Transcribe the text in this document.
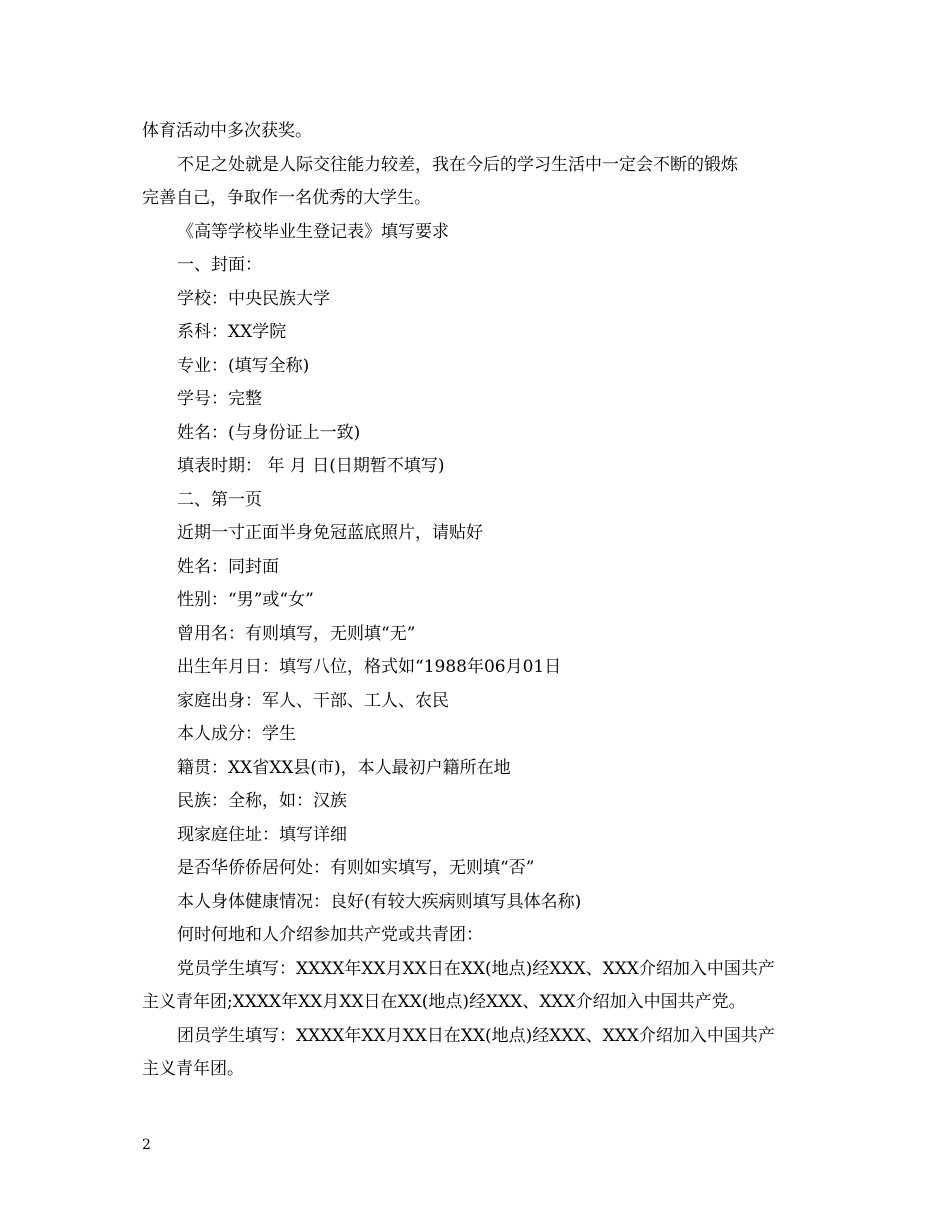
体育活动中多次获奖。
不足之处就是人际交往能力较差，我在今后的学习生活中一定会不断的锻炼
完善自己，争取作一名优秀的大学生。
《高等学校毕业生登记表》填写要求
一、封面：
学校：中央民族大学
系科：XX学院
专业：(填写全称)
学号：完整
姓名：(与身份证上一致)
填表时期： 年 月 日(日期暂不填写)
二、第一页
近期一寸正面半身免冠蓝底照片，请贴好
姓名：同封面
性别：“男”或“女”
曾用名：有则填写，无则填“无”
出生年月日：填写八位，格式如“1988年06月01日
家庭出身：军人、干部、工人、农民
本人成分：学生
籍贯：XX省XX县(市)，本人最初户籍所在地
民族：全称，如：汉族
现家庭住址：填写详细
是否华侨侨居何处：有则如实填写，无则填“否”
本人身体健康情况：良好(有较大疾病则填写具体名称)
何时何地和人介绍参加共产党或共青团：
党员学生填写：XXXX年XX月XX日在XX(地点)经XXX、XXX介绍加入中国共产
主义青年团;XXXX年XX月XX日在XX(地点)经XXX、XXX介绍加入中国共产党。
团员学生填写：XXXX年XX月XX日在XX(地点)经XXX、XXX介绍加入中国共产
主义青年团。
2
